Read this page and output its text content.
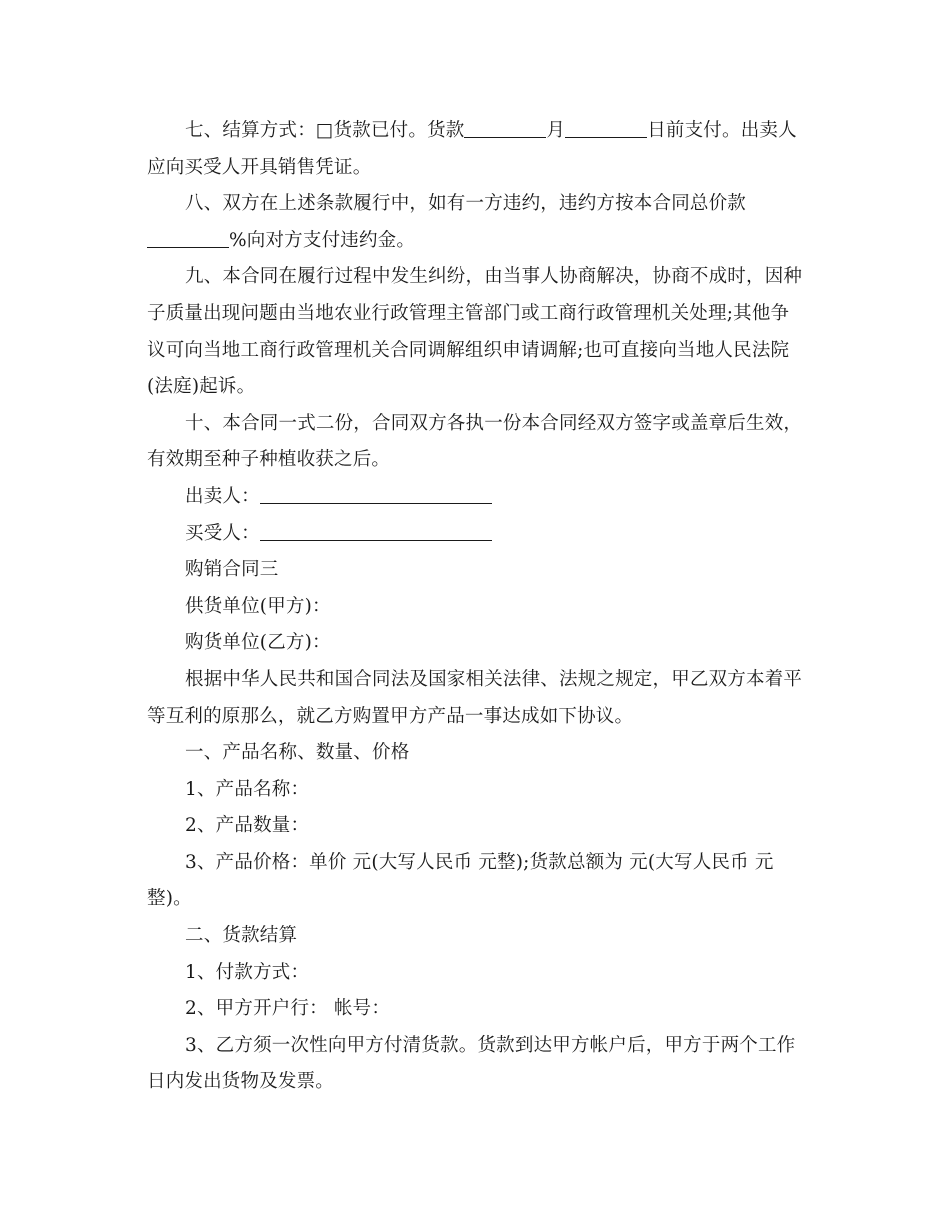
七、结算方式：□货款已付。货款	月	日前支付。出卖人应向买受人开具销售凭证。

八、双方在上述条款履行中，如有一方违约，违约方按本合同总价款

%向对方支付违约金。

九、本合同在履行过程中发生纠纷，由当事人协商解决，协商不成时，因种子质量出现问题由当地农业行政管理主管部门或工商行政管理机关处理;其他争议可向当地工商行政管理机关合同调解组织申请调解;也可直接向当地人民法院(法庭)起诉。

十、本合同一式二份，合同双方各执一份本合同经双方签字或盖章后生效，有效期至种子种植收获之后。

出卖人：

买受人：

购销合同三

供货单位(甲方)：

购货单位(乙方)：

根据中华人民共和国合同法及国家相关法律、法规之规定，甲乙双方本着平等互利的原那么，就乙方购置甲方产品一事达成如下协议。

一、产品名称、数量、价格

1、产品名称：

2、产品数量：

3、产品价格：单价 元(大写人民币 元整);货款总额为 元(大写人民币 元整)。

二、货款结算

1、付款方式：

2、甲方开户行： 帐号：

3、乙方须一次性向甲方付清货款。货款到达甲方帐户后，甲方于两个工作日内发出货物及发票。
